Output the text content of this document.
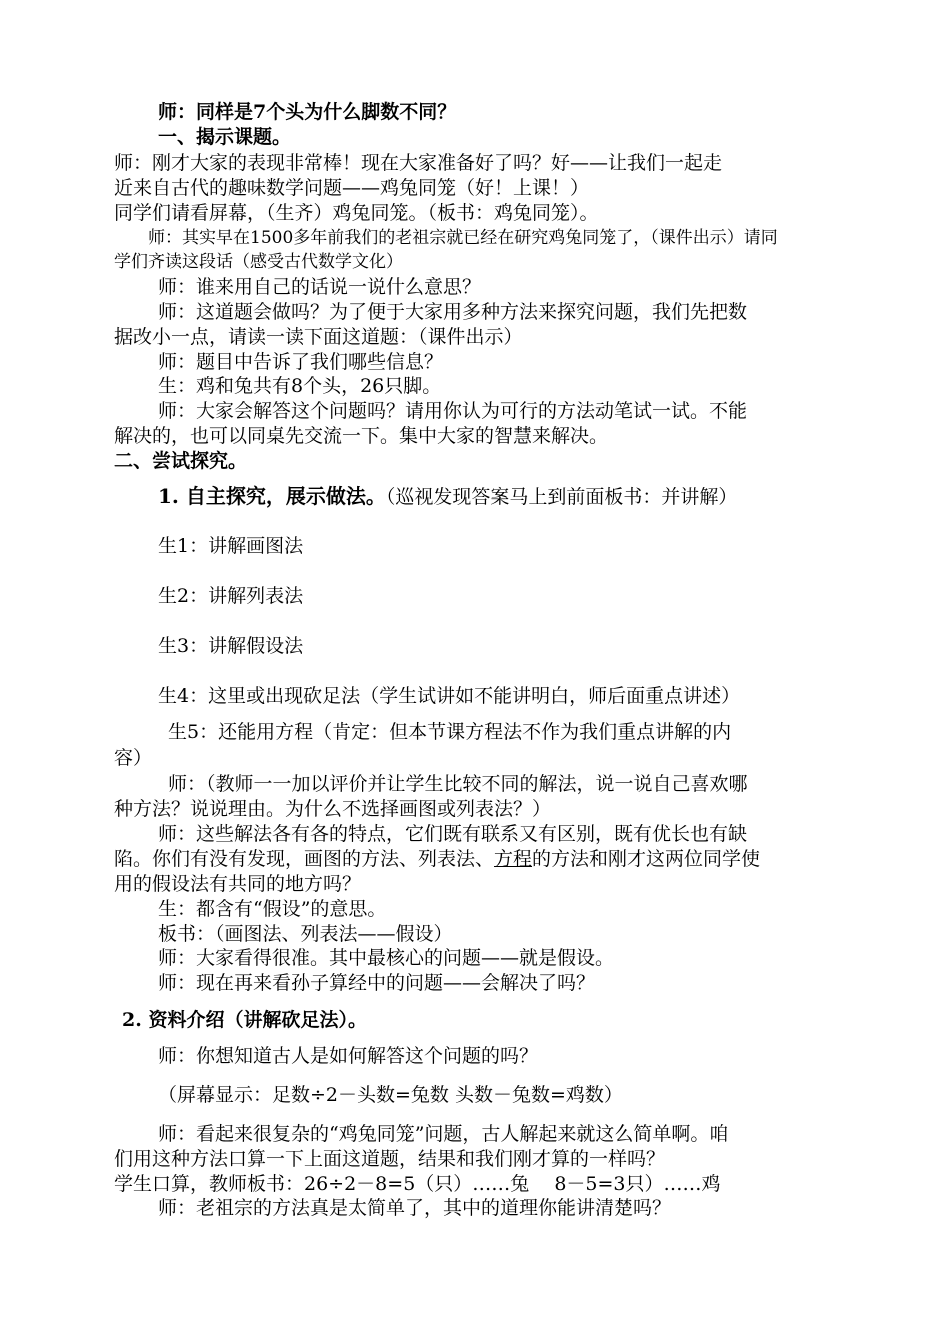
师：同样是7个头为什么脚数不同？
一、揭示课题。
师：刚才大家的表现非常棒！现在大家准备好了吗？好——让我们一起走
近来自古代的趣味数学问题——鸡兔同笼（好！上课！）
同学们请看屏幕，（生齐）鸡兔同笼。（板书：鸡兔同笼）。
师：其实早在1500多年前我们的老祖宗就已经在研究鸡兔同笼了，（课件出示）请同
学们齐读这段话（感受古代数学文化）
师：谁来用自己的话说一说什么意思？
师：这道题会做吗？为了便于大家用多种方法来探究问题，我们先把数
据改小一点，请读一读下面这道题：（课件出示）
师：题目中告诉了我们哪些信息？
生：鸡和兔共有8个头，26只脚。
师：大家会解答这个问题吗？请用你认为可行的方法动笔试一试。不能
解决的，也可以同桌先交流一下。集中大家的智慧来解决。
二、尝试探究。
1. 自主探究，展示做法。（巡视发现答案马上到前面板书：并讲解）
生1：讲解画图法
生2：讲解列表法
生3：讲解假设法
生4：这里或出现砍足法（学生试讲如不能讲明白，师后面重点讲述）
生5：还能用方程（肯定：但本节课方程法不作为我们重点讲解的内
容）
师：（教师一一加以评价并让学生比较不同的解法，说一说自己喜欢哪
种方法？说说理由。为什么不选择画图或列表法？）
师：这些解法各有各的特点，它们既有联系又有区别，既有优长也有缺
陷。你们有没有发现，画图的方法、列表法、方程的方法和刚才这两位同学使
用的假设法有共同的地方吗？
生：都含有“假设”的意思。
板书：（画图法、列表法——假设）
师：大家看得很准。其中最核心的问题——就是假设。
师：现在再来看孙子算经中的问题——会解决了吗？
2. 资料介绍（讲解砍足法）。
师：你想知道古人是如何解答这个问题的吗？
（屏幕显示：足数÷2－头数=兔数 头数－兔数=鸡数）
师：看起来很复杂的“鸡兔同笼”问题，古人解起来就这么简单啊。咱
们用这种方法口算一下上面这道题，结果和我们刚才算的一样吗？
学生口算，教师板书：26÷2－8=5（只）……兔　 8－5=3只）……鸡
师：老祖宗的方法真是太简单了，其中的道理你能讲清楚吗？
